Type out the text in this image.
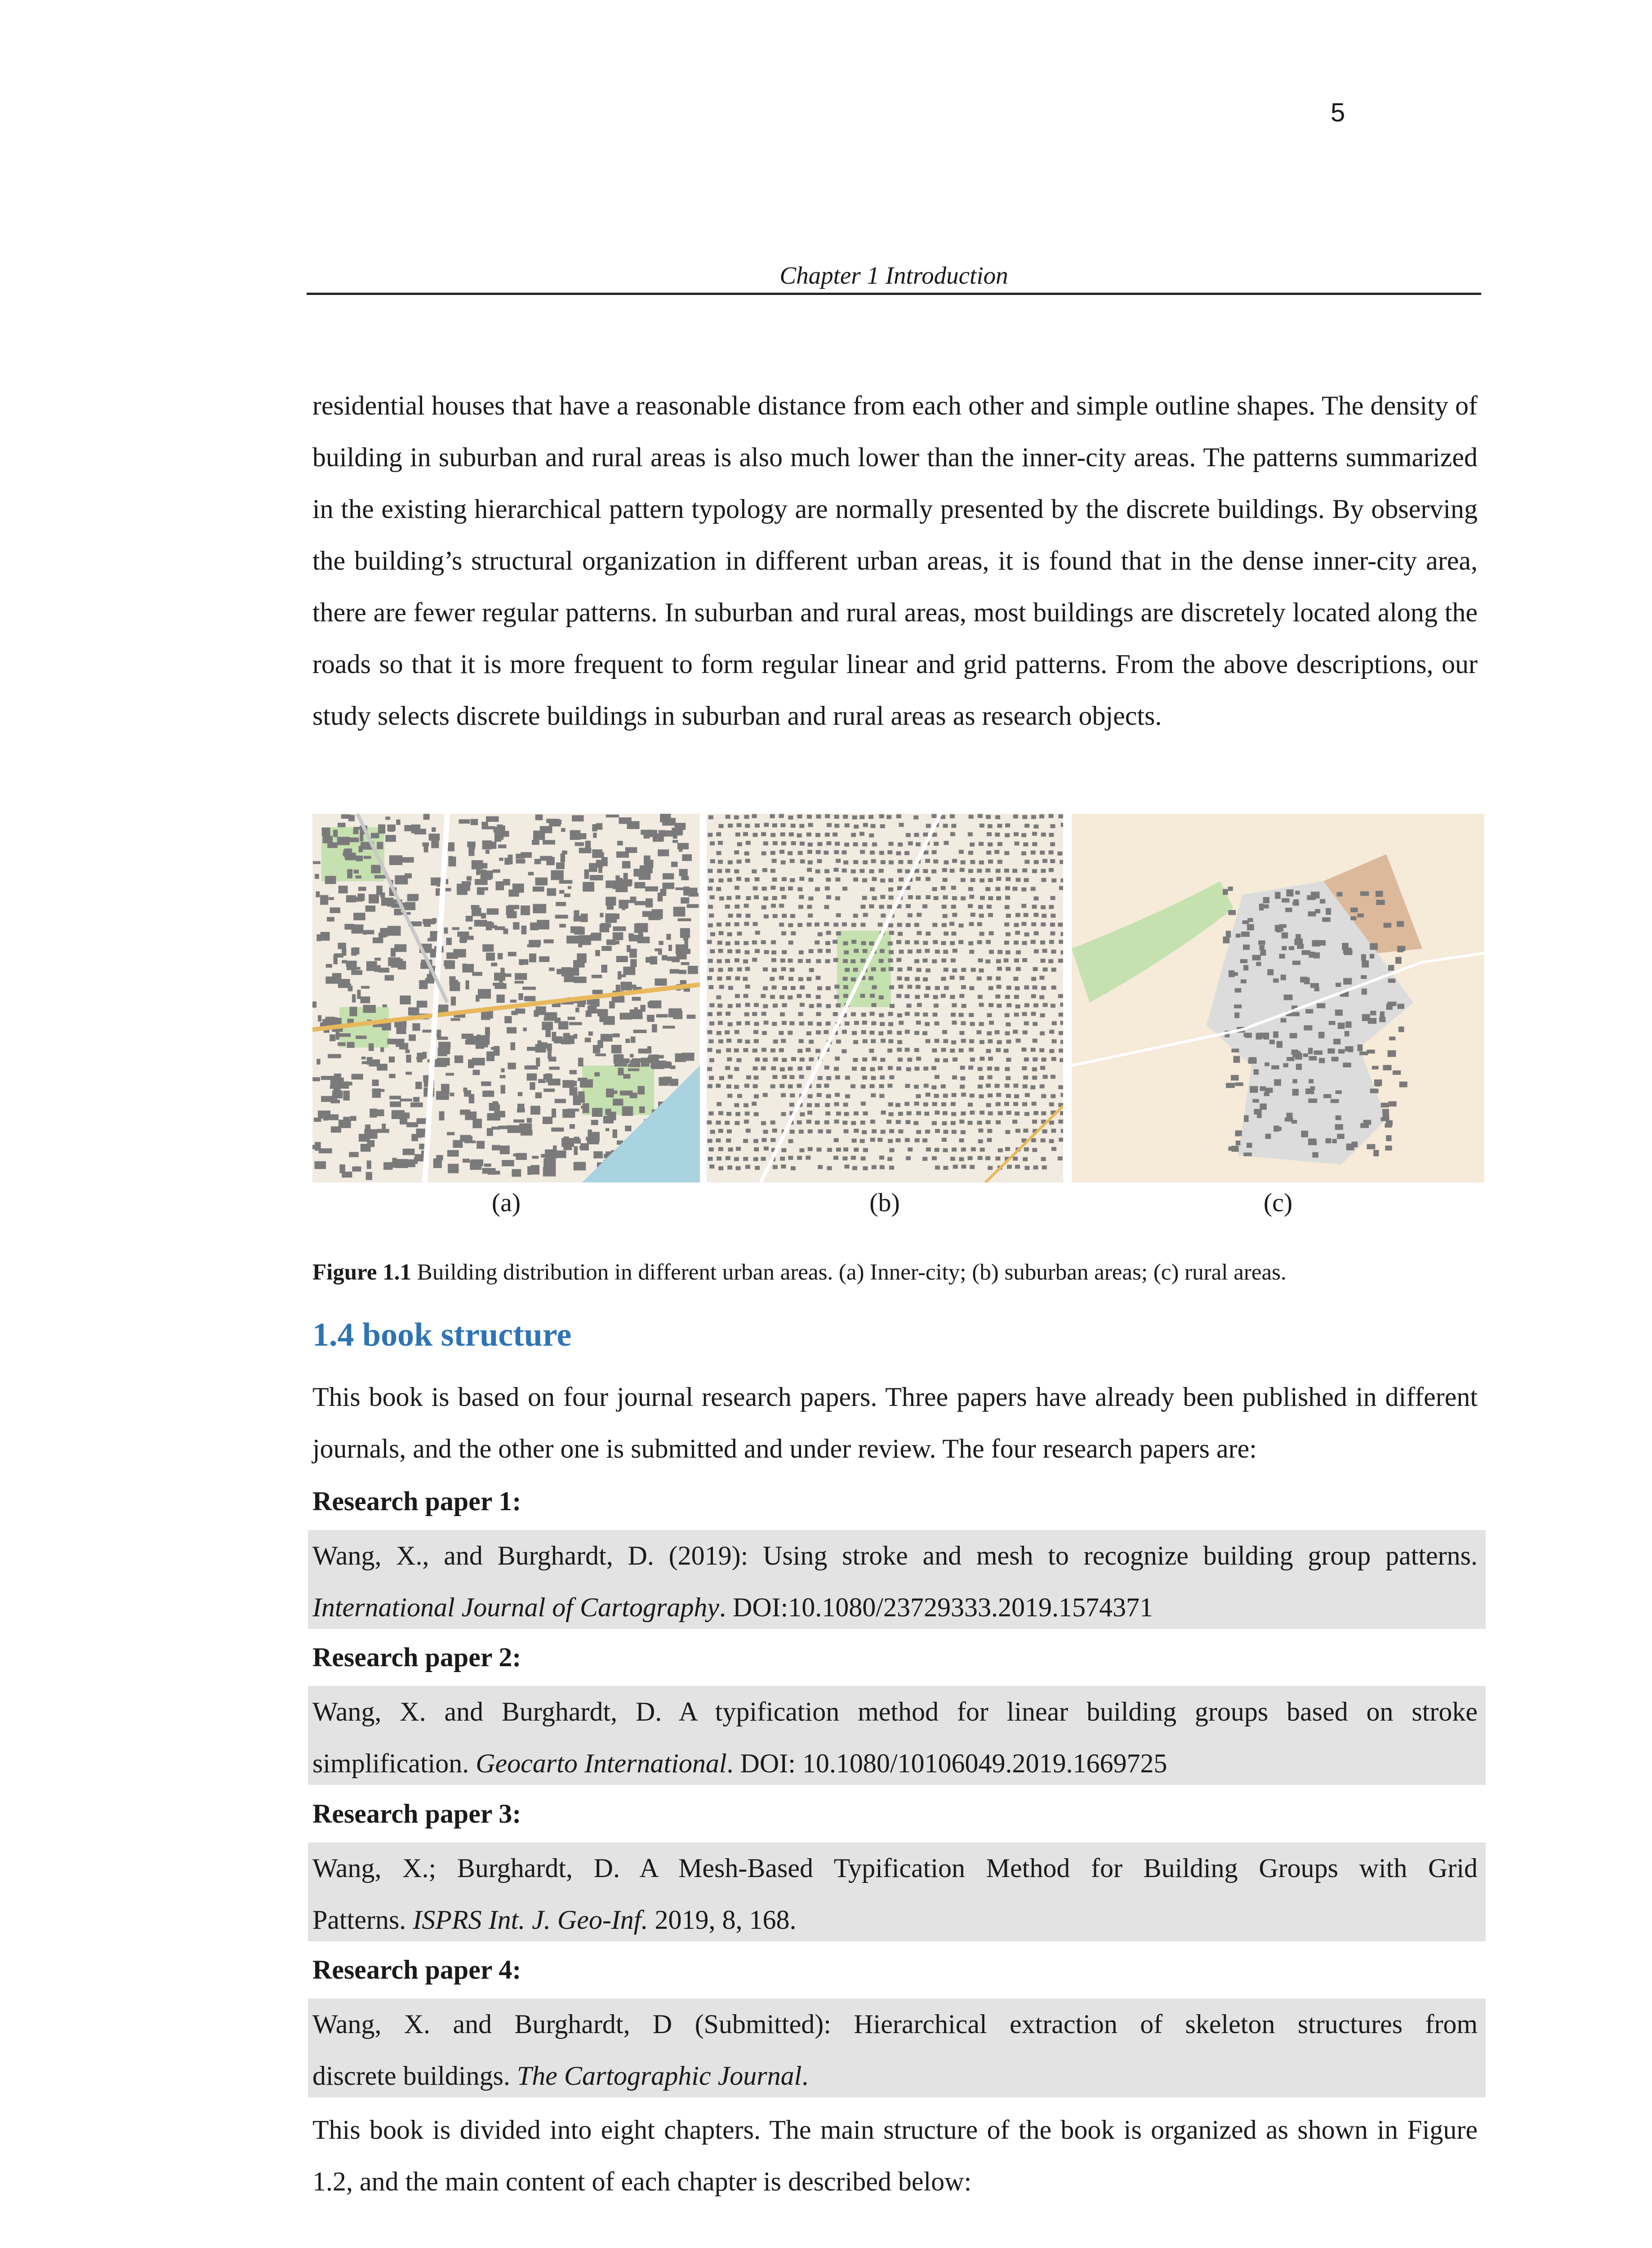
5
Chapter 1 Introduction

residential houses that have a reasonable distance from each other and simple outline shapes. The density of building in suburban and rural areas is also much lower than the inner-city areas. The patterns summarized in the existing hierarchical pattern typology are normally presented by the discrete buildings. By observing the building’s structural organization in different urban areas, it is found that in the dense inner-city area, there are fewer regular patterns. In suburban and rural areas, most buildings are discretely located along the roads so that it is more frequent to form regular linear and grid patterns. From the above descriptions, our study selects discrete buildings in suburban and rural areas as research objects.

(a)	(b)	(c)
Figure 1.1 Building distribution in different urban areas. (a) Inner-city; (b) suburban areas; (c) rural areas.
1.4 book structure

This book is based on four journal research papers. Three papers have already been published in different journals, and the other one is submitted and under review. The four research papers are:

Research paper 1:
Wang, X., and Burghardt, D. (2019): Using stroke and mesh to recognize building group patterns.
International Journal of Cartography. DOI:10.1080/23729333.2019.1574371
Research paper 2:
Wang, X. and Burghardt, D. A typification method for linear building groups based on stroke
simplification. Geocarto International. DOI: 10.1080/10106049.2019.1669725
Research paper 3:
Wang, X.; Burghardt, D. A Mesh-Based Typification Method for Building Groups with Grid
Patterns. ISPRS Int. J. Geo-Inf. 2019, 8, 168.
Research paper 4:
Wang, X. and Burghardt, D (Submitted): Hierarchical extraction of skeleton structures from
discrete buildings. The Cartographic Journal.

This book is divided into eight chapters. The main structure of the book is organized as shown in Figure 1.2, and the main content of each chapter is described below:
